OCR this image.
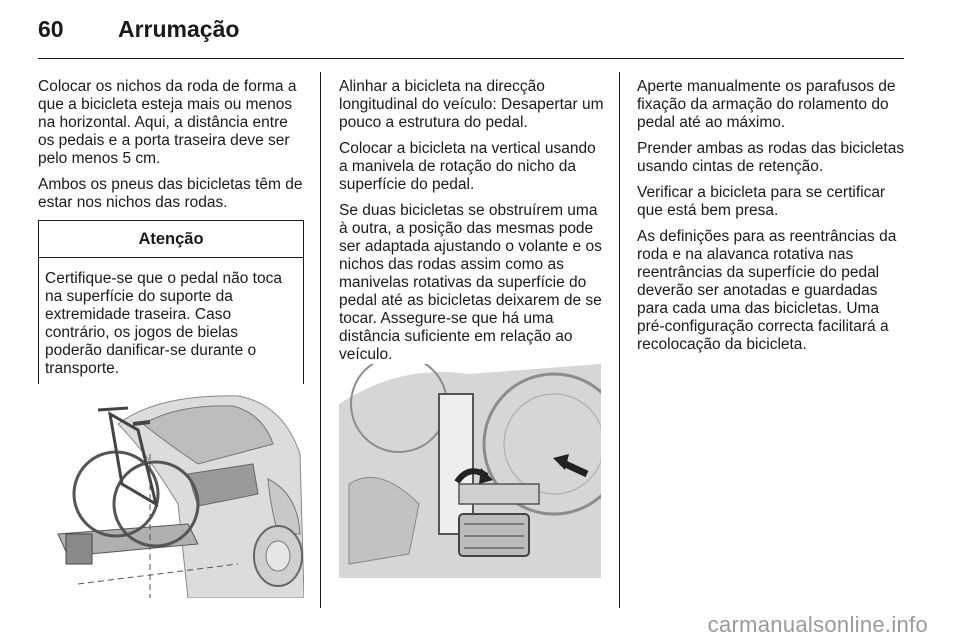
60 Arrumação

Colocar os nichos da roda de forma a que a bicicleta esteja mais ou menos na horizontal. Aqui, a distância entre os pedais e a porta traseira deve ser pelo menos 5 cm.

Ambos os pneus das bicicletas têm de estar nos nichos das rodas.

Atenção
Certifique-se que o pedal não toca na superfície do suporte da extremidade traseira. Caso contrário, os jogos de bielas poderão danificar-se durante o transporte.

Alinhar a bicicleta na direcção longitudinal do veículo: Desapertar um pouco a estrutura do pedal.

Colocar a bicicleta na vertical usando a manivela de rotação do nicho da superfície do pedal.

Se duas bicicletas se obstruírem uma à outra, a posição das mesmas pode ser adaptada ajustando o volante e os nichos das rodas assim como as manivelas rotativas da superfície do pedal até as bicicletas deixarem de se tocar. Assegure-se que há uma distância suficiente em relação ao veículo.

Aperte manualmente os parafusos de fixação da armação do rolamento do pedal até ao máximo.

Prender ambas as rodas das bicicletas usando cintas de retenção.

Verificar a bicicleta para se certificar que está bem presa.

As definições para as reentrâncias da roda e na alavanca rotativa nas reentrâncias da superfície do pedal deverão ser anotadas e guardadas para cada uma das bicicletas. Uma pré-configuração correcta facilitará a recolocação da bicicleta.

carmanualsonline.info
